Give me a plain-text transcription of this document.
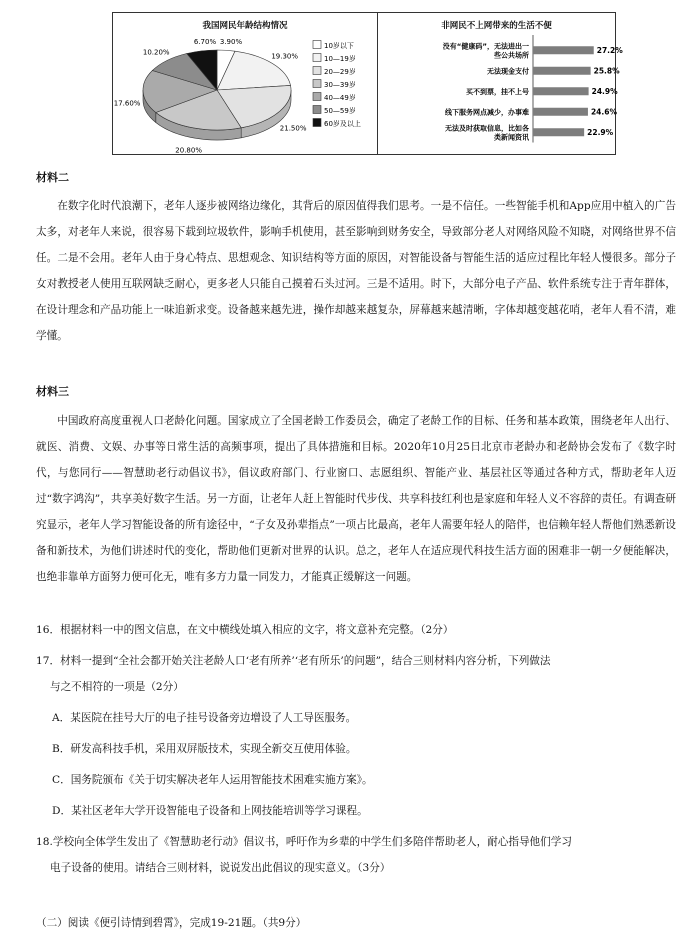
我国网民年龄结构情况
3.90%
19.30%
21.50%
20.80%
17.60%
10.20%
6.70%	10岁以下
10—19岁
20—29岁
30—39岁
40—49岁
50—59岁
60岁及以上
非网民不上网带来的生活不便
27.2%
没有“健康码”，无法进出一
些公共场所
25.8%
无法现金支付
24.9%
买不到票，挂不上号
24.6%
线下服务网点减少，办事难
22.9%
无法及时获取信息，比如各
类新闻资讯
材料二
在数字化时代浪潮下，老年人逐步被网络边缘化，其背后的原因值得我们思考。一是不信任。一些智能手机和App应用中植入的广告太多，对老年人来说，很容易下载到垃圾软件，影响手机使用，甚至影响到财务安全，导致部分老人对网络风险不知晓，对网络世界不信任。二是不会用。老年人由于身心特点、思想观念、知识结构等方面的原因，对智能设备与智能生活的适应过程比年轻人慢很多。部分子女对教授老人使用互联网缺乏耐心，更多老人只能自己摸着石头过河。三是不适用。时下，大部分电子产品、软件系统专注于青年群体，在设计理念和产品功能上一味追新求变。设备越来越先进，操作却越来越复杂，屏幕越来越清晰，字体却越变越花哨，老年人看不清，难学懂。
材料三
中国政府高度重视人口老龄化问题。国家成立了全国老龄工作委员会，确定了老龄工作的目标、任务和基本政策，围绕老年人出行、就医、消费、文娱、办事等日常生活的高频事项，提出了具体措施和目标。2020年10月25日北京市老龄办和老龄协会发布了《数字时代，与您同行——智慧助老行动倡议书》，倡议政府部门、行业窗口、志愿组织、智能产业、基层社区等通过各种方式，帮助老年人迈过“数字鸿沟”，共享美好数字生活。另一方面，让老年人赶上智能时代步伐、共享科技红利也是家庭和年轻人义不容辞的责任。有调查研究显示，老年人学习智能设备的所有途径中，“子女及孙辈指点”一项占比最高，老年人需要年轻人的陪伴，也信赖年轻人帮他们熟悉新设备和新技术，为他们讲述时代的变化，帮助他们更新对世界的认识。总之，老年人在适应现代科技生活方面的困难非一朝一夕便能解决，也绝非靠单方面努力便可化无，唯有多方力量一同发力，才能真正缓解这一问题。
16．根据材料一中的图文信息，在文中横线处填入相应的文字，将文意补充完整。（2分）
17．材料一提到“全社会都开始关注老龄人口‘老有所养’‘老有所乐’的问题”，结合三则材料内容分析，下列做法
与之不相符的一项是（2分）
A．某医院在挂号大厅的电子挂号设备旁边增设了人工导医服务。
B．研发高科技手机，采用双屏版技术，实现全新交互使用体验。
C．国务院颁布《关于切实解决老年人运用智能技术困难实施方案》。
D．某社区老年大学开设智能电子设备和上网技能培训等学习课程。
18.学校向全体学生发出了《智慧助老行动》倡议书，呼吁作为乡辈的中学生们多陪伴帮助老人，耐心指导他们学习
电子设备的使用。请结合三则材料，说说发出此倡议的现实意义。（3分）
（二）阅读《便引诗情到碧霄》，完成19-21题。（共9分）
